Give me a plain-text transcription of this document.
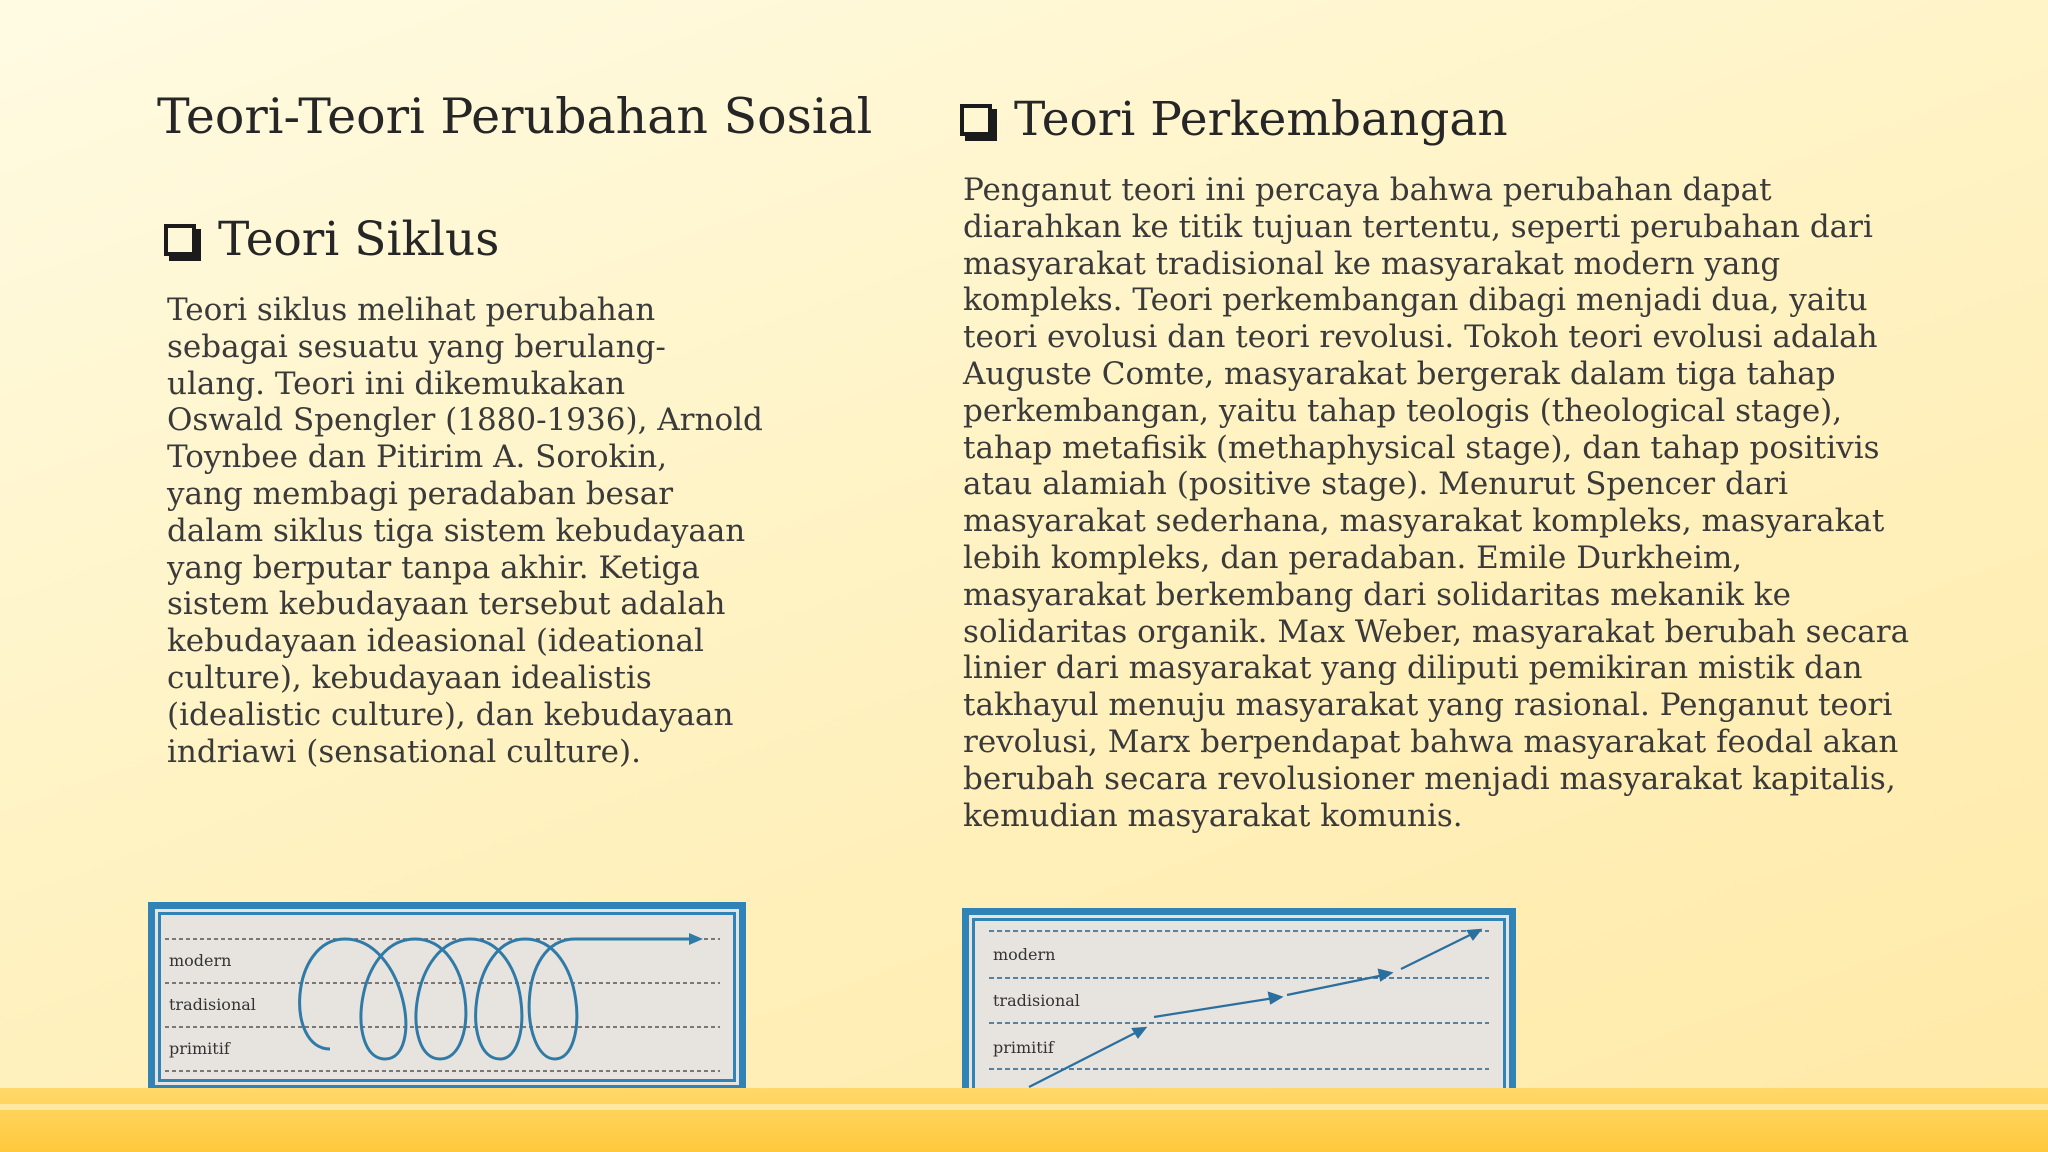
Teori-Teori Perubahan Sosial
Teori Siklus

Teori siklus melihat perubahan
sebagai sesuatu yang berulang-
ulang. Teori ini dikemukakan
Oswald Spengler (1880-1936), Arnold
Toynbee dan Pitirim A. Sorokin,
yang membagi peradaban besar
dalam siklus tiga sistem kebudayaan
yang berputar tanpa akhir. Ketiga
sistem kebudayaan tersebut adalah
kebudayaan ideasional (ideational
culture), kebudayaan idealistis
(idealistic culture), dan kebudayaan
indriawi (sensational culture).

modern
tradisional
primitif
Teori Perkembangan

Penganut teori ini percaya bahwa perubahan dapat
diarahkan ke titik tujuan tertentu, seperti perubahan dari
masyarakat tradisional ke masyarakat modern yang
kompleks. Teori perkembangan dibagi menjadi dua, yaitu
teori evolusi dan teori revolusi. Tokoh teori evolusi adalah
Auguste Comte, masyarakat bergerak dalam tiga tahap
perkembangan, yaitu tahap teologis (theological stage),
tahap metafisik (methaphysical stage), dan tahap positivis
atau alamiah (positive stage). Menurut Spencer dari
masyarakat sederhana, masyarakat kompleks, masyarakat
lebih kompleks, dan peradaban. Emile Durkheim,
masyarakat berkembang dari solidaritas mekanik ke
solidaritas organik. Max Weber, masyarakat berubah secara
linier dari masyarakat yang diliputi pemikiran mistik dan
takhayul menuju masyarakat yang rasional. Penganut teori
revolusi, Marx berpendapat bahwa masyarakat feodal akan
berubah secara revolusioner menjadi masyarakat kapitalis,
kemudian masyarakat komunis.

modern
tradisional
primitif
